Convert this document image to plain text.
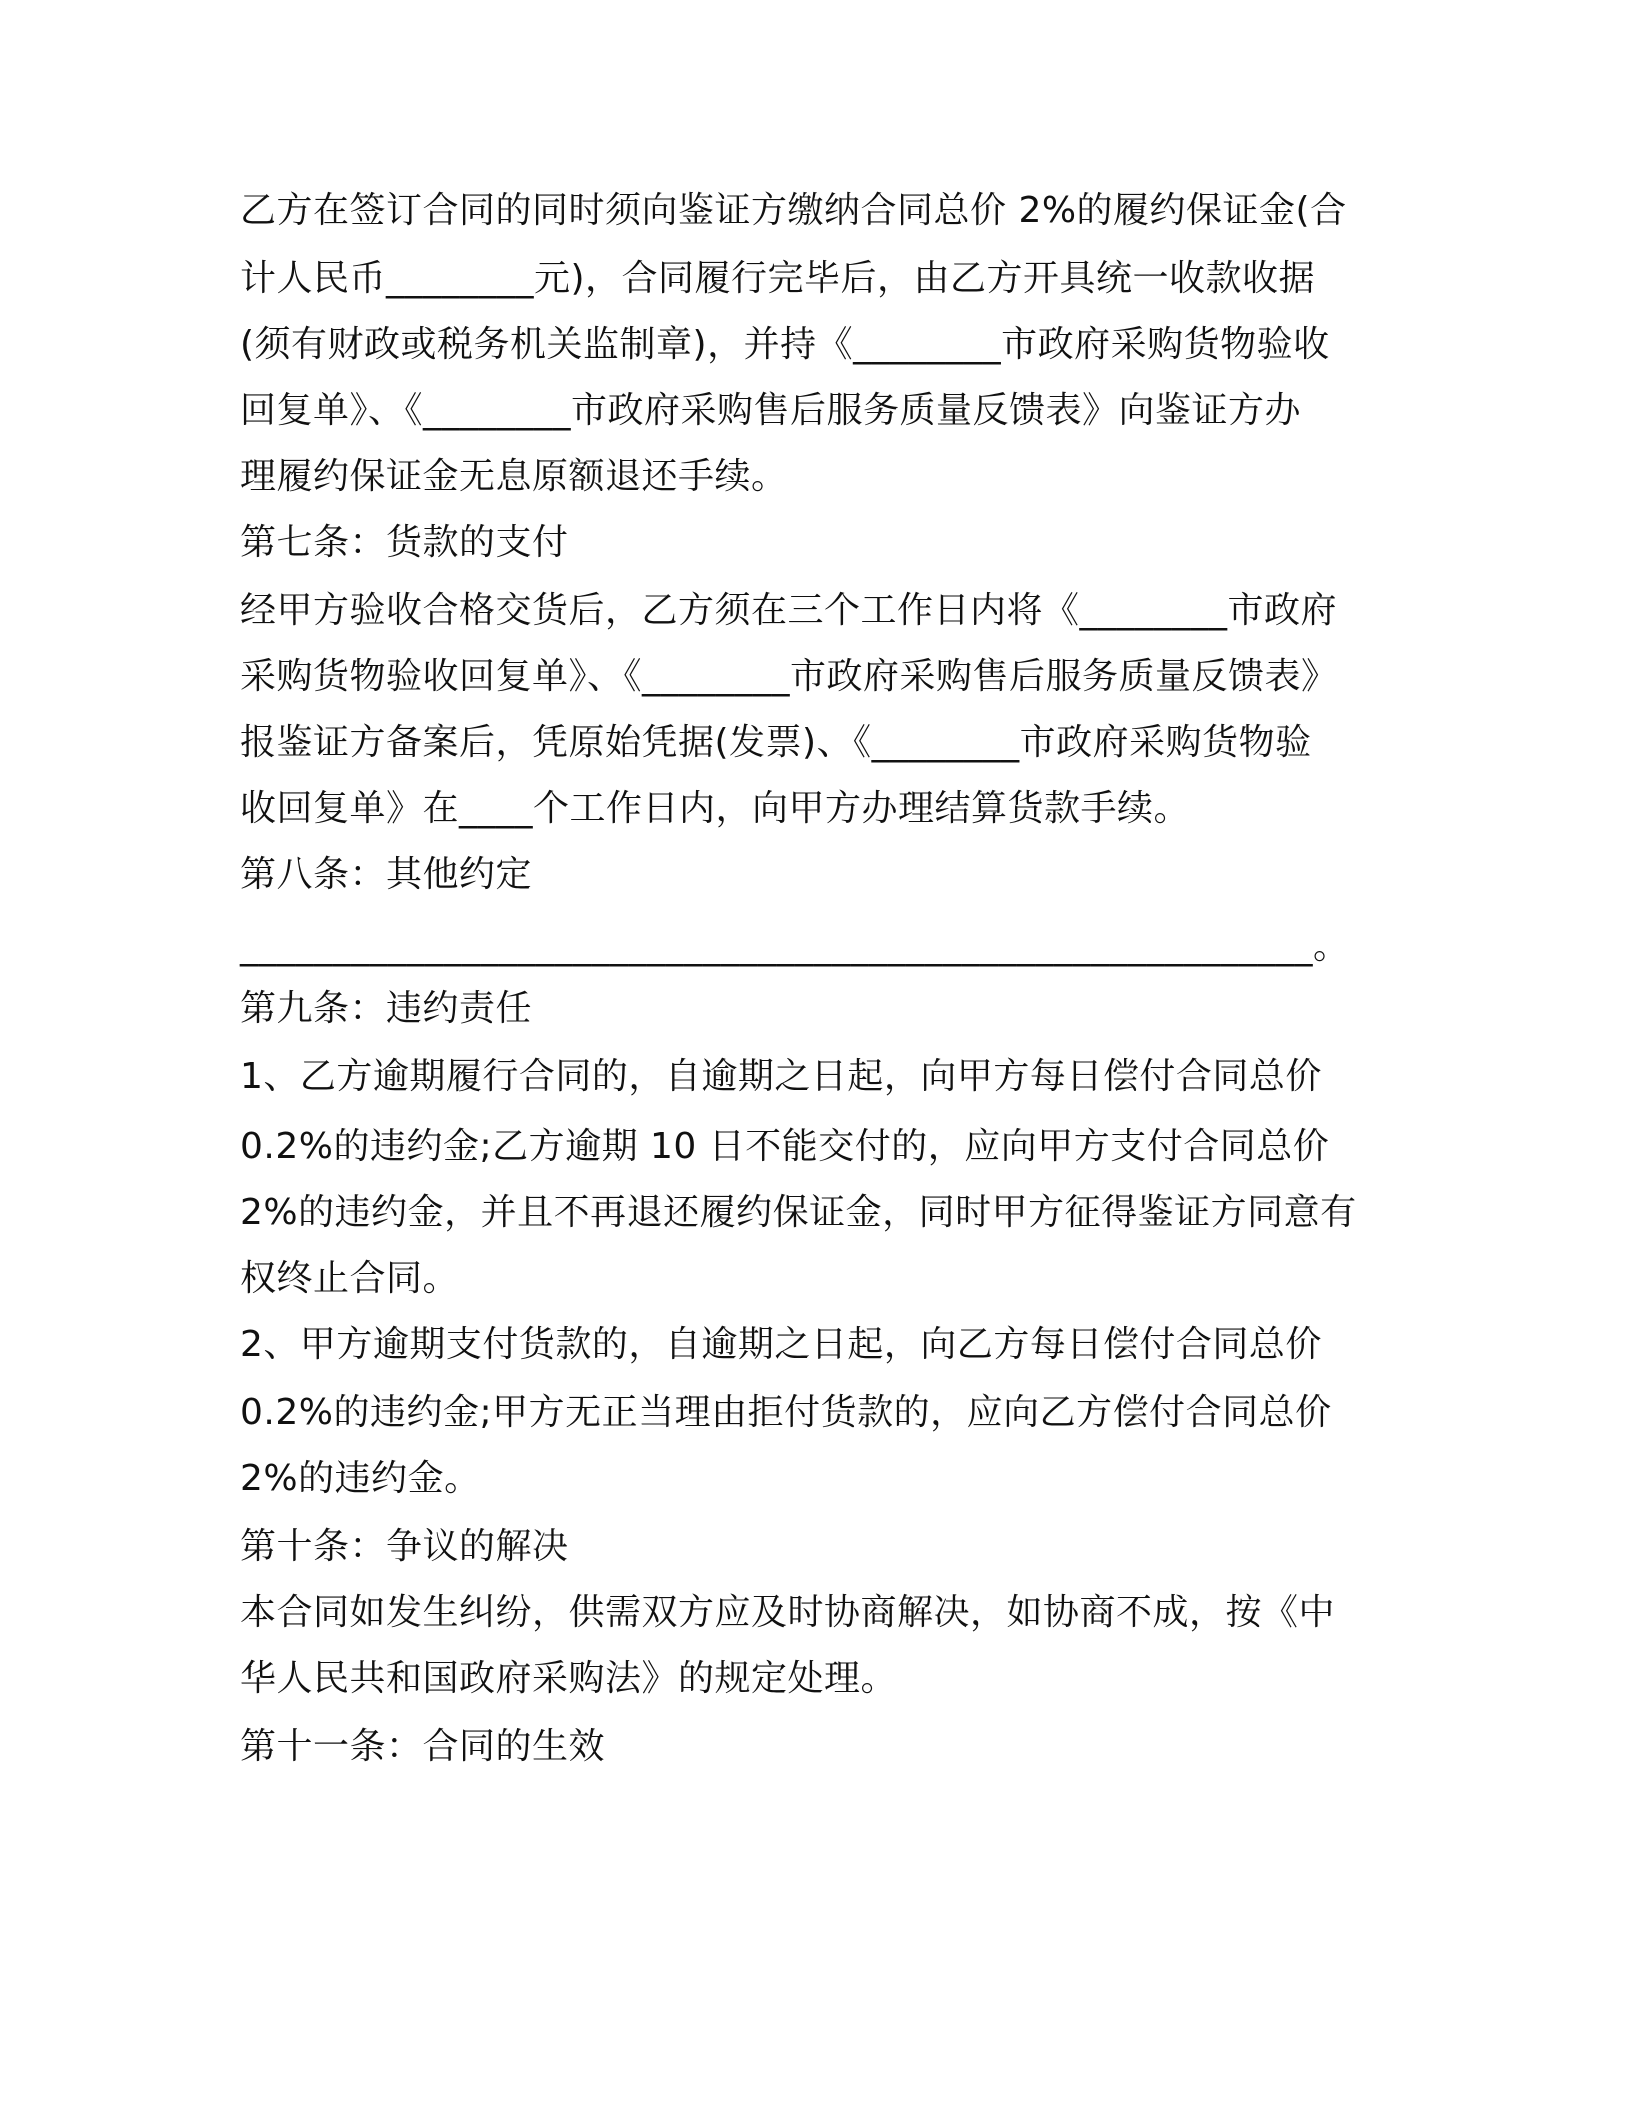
乙方在签订合同的同时须向鉴证方缴纳合同总价 2%的履约保证金(合
计人民币________元)，合同履行完毕后，由乙方开具统一收款收据
(须有财政或税务机关监制章)，并持《________市政府采购货物验收
回复单》、《________市政府采购售后服务质量反馈表》向鉴证方办
理履约保证金无息原额退还手续。
第七条：货款的支付
经甲方验收合格交货后，乙方须在三个工作日内将《________市政府
采购货物验收回复单》、《________市政府采购售后服务质量反馈表》
报鉴证方备案后，凭原始凭据(发票)、《________市政府采购货物验
收回复单》在____个工作日内，向甲方办理结算货款手续。
第八条：其他约定
__________________________________________________________。
第九条：违约责任
1、乙方逾期履行合同的，自逾期之日起，向甲方每日偿付合同总价
0.2%的违约金;乙方逾期 10 日不能交付的，应向甲方支付合同总价
2%的违约金，并且不再退还履约保证金，同时甲方征得鉴证方同意有
权终止合同。
2、甲方逾期支付货款的，自逾期之日起，向乙方每日偿付合同总价
0.2%的违约金;甲方无正当理由拒付货款的，应向乙方偿付合同总价
2%的违约金。
第十条：争议的解决
本合同如发生纠纷，供需双方应及时协商解决，如协商不成，按《中
华人民共和国政府采购法》的规定处理。
第十一条：合同的生效
